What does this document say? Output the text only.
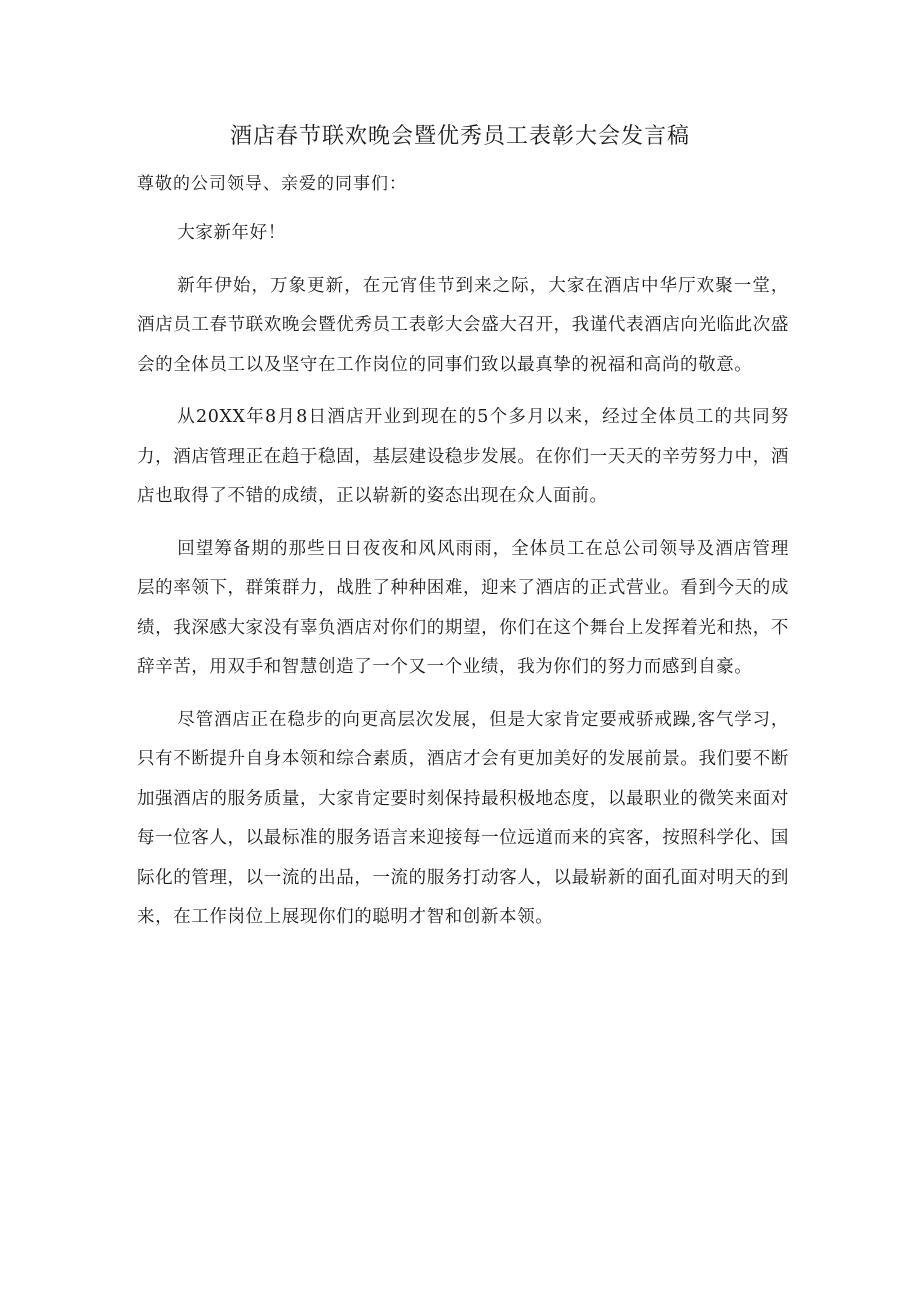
酒店春节联欢晚会暨优秀员工表彰大会发言稿

尊敬的公司领导、亲爱的同事们：

大家新年好！

新年伊始，万象更新，在元宵佳节到来之际，大家在酒店中华厅欢聚一堂，酒店员工春节联欢晚会暨优秀员工表彰大会盛大召开，我谨代表酒店向光临此次盛会的全体员工以及坚守在工作岗位的同事们致以最真挚的祝福和高尚的敬意。

从20XX年8月8日酒店开业到现在的5个多月以来，经过全体员工的共同努力，酒店管理正在趋于稳固，基层建设稳步发展。在你们一天天的辛劳努力中，酒店也取得了不错的成绩，正以崭新的姿态出现在众人面前。

回望筹备期的那些日日夜夜和风风雨雨，全体员工在总公司领导及酒店管理层的率领下，群策群力，战胜了种种困难，迎来了酒店的正式营业。看到今天的成绩，我深感大家没有辜负酒店对你们的期望，你们在这个舞台上发挥着光和热，不辞辛苦，用双手和智慧创造了一个又一个业绩，我为你们的努力而感到自豪。

尽管酒店正在稳步的向更高层次发展，但是大家肯定要戒骄戒躁,客气学习，只有不断提升自身本领和综合素质，酒店才会有更加美好的发展前景。我们要不断加强酒店的服务质量，大家肯定要时刻保持最积极地态度，以最职业的微笑来面对每一位客人，以最标准的服务语言来迎接每一位远道而来的宾客，按照科学化、国际化的管理，以一流的出品，一流的服务打动客人，以最崭新的面孔面对明天的到来，在工作岗位上展现你们的聪明才智和创新本领。
